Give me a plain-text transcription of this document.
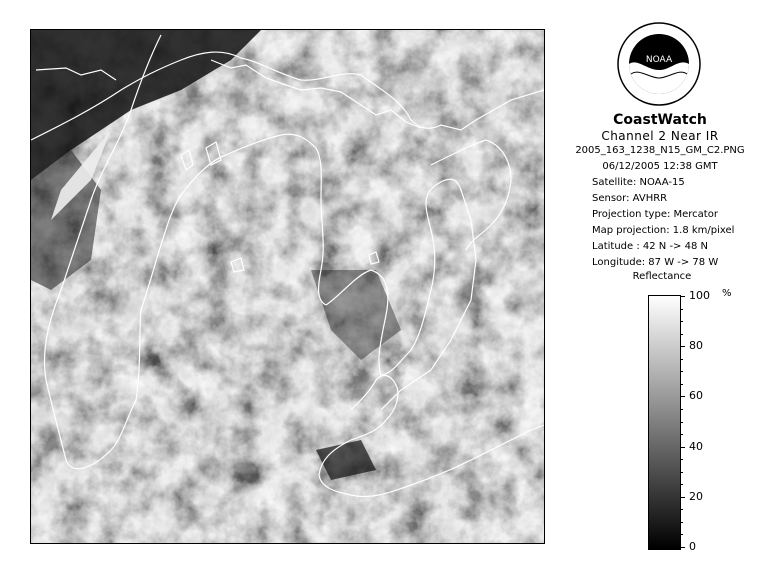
NOAA
CoastWatch
Channel 2 Near IR
2005_163_1238_N15_GM_C2.PNG
06/12/2005 12:38 GMT
Satellite: NOAA-15
Sensor: AVHRR
Projection type: Mercator
Map projection: 1.8 km/pixel
Latitude : 42 N -> 48 N
Longitude: 87 W -> 78 W
Reflectance
%
100
80
60
40
20
0
